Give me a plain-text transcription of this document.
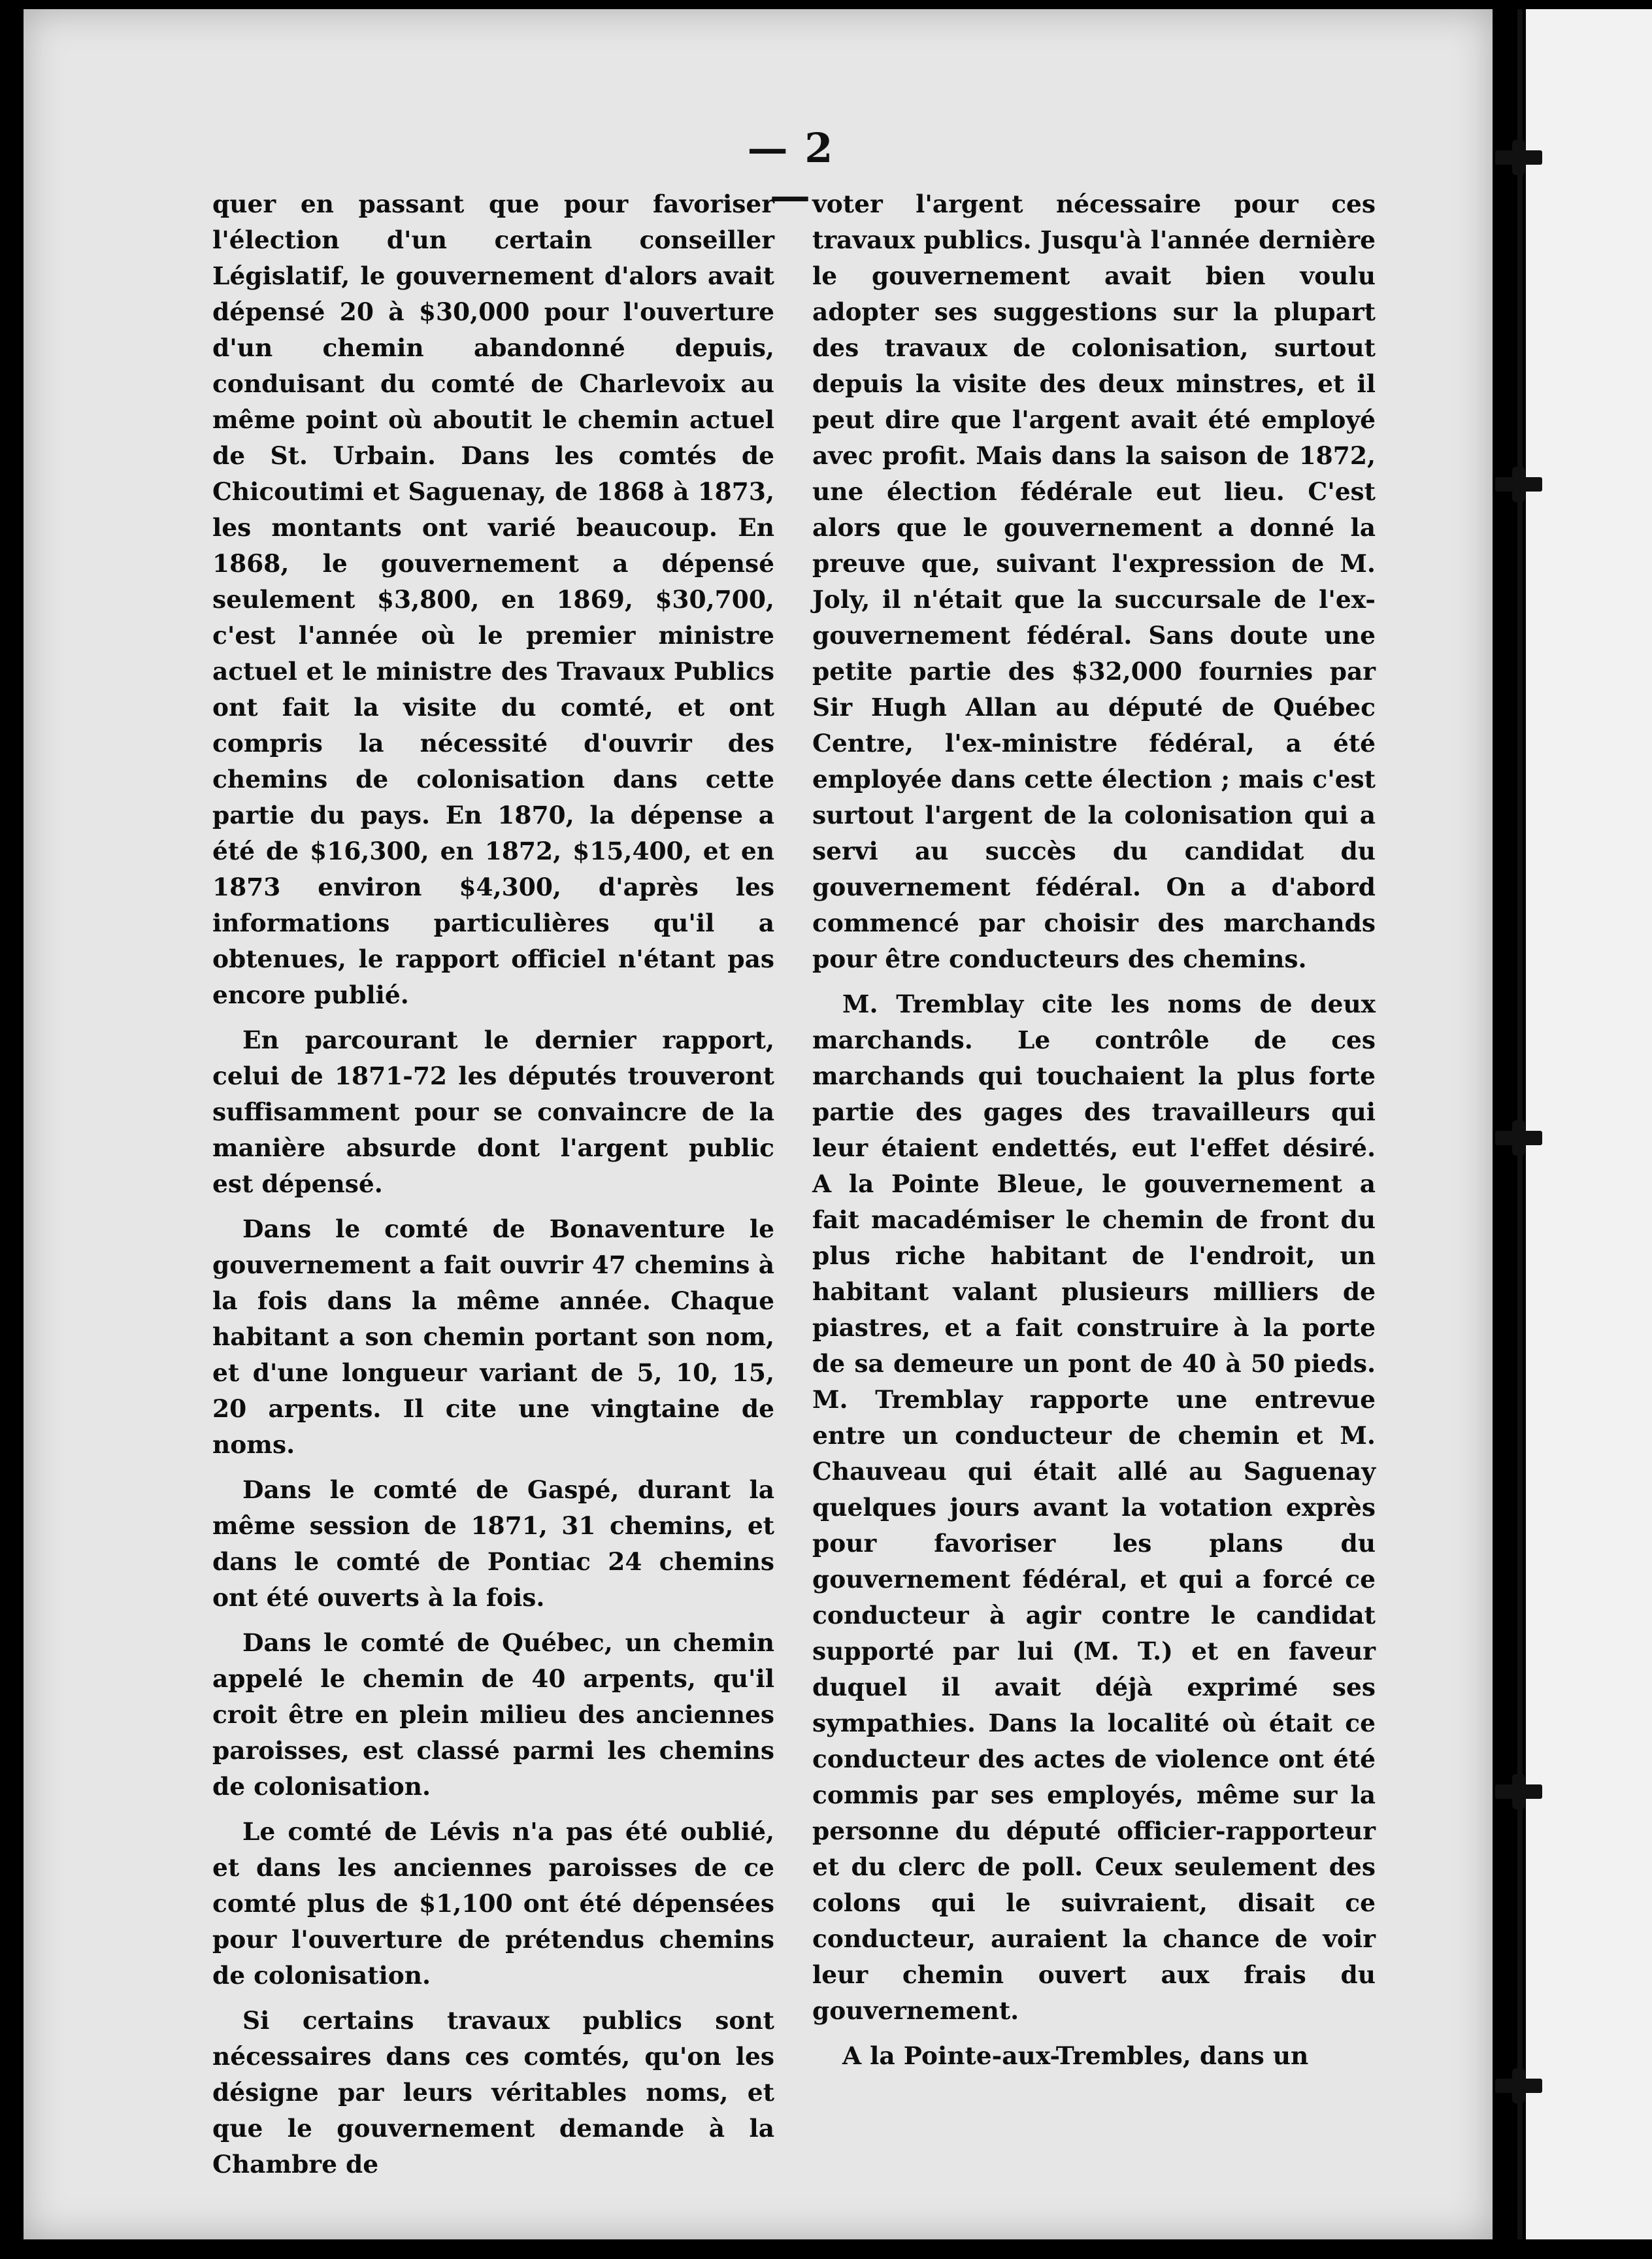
— 2 —

quer en passant que pour favoriser l'élection d'un certain conseiller Législatif, le gouvernement d'alors avait dépensé 20 à $30,000 pour l'ouverture d'un chemin abandonné depuis, conduisant du comté de Charlevoix au même point où aboutit le chemin actuel de St. Urbain. Dans les comtés de Chicoutimi et Saguenay, de 1868 à 1873, les montants ont varié beaucoup. En 1868, le gouvernement a dépensé seulement $3,800, en 1869, $30,700, c'est l'année où le premier ministre actuel et le ministre des Travaux Publics ont fait la visite du comté, et ont compris la nécessité d'ouvrir des chemins de colonisation dans cette partie du pays. En 1870, la dépense a été de $16,300, en 1872, $15,400, et en 1873 environ $4,300, d'après les informations particulières qu'il a obtenues, le rapport officiel n'étant pas encore publié.

En parcourant le dernier rapport, celui de 1871-72 les députés trouveront suffisamment pour se convaincre de la manière absurde dont l'argent public est dépensé.

Dans le comté de Bonaventure le gouvernement a fait ouvrir 47 chemins à la fois dans la même année. Chaque habitant a son chemin portant son nom, et d'une longueur variant de 5, 10, 15, 20 arpents. Il cite une vingtaine de noms.

Dans le comté de Gaspé, durant la même session de 1871, 31 chemins, et dans le comté de Pontiac 24 chemins ont été ouverts à la fois.

Dans le comté de Québec, un chemin appelé le chemin de 40 arpents, qu'il croit être en plein milieu des anciennes paroisses, est classé parmi les chemins de colonisation.

Le comté de Lévis n'a pas été oublié, et dans les anciennes paroisses de ce comté plus de $1,100 ont été dépensées pour l'ouverture de prétendus chemins de colonisation.

Si certains travaux publics sont nécessaires dans ces comtés, qu'on les désigne par leurs véritables noms, et que le gouvernement demande à la Chambre de

voter l'argent nécessaire pour ces travaux publics. Jusqu'à l'année dernière le gouvernement avait bien voulu adopter ses suggestions sur la plupart des travaux de colonisation, surtout depuis la visite des deux minstres, et il peut dire que l'argent avait été employé avec profit. Mais dans la saison de 1872, une élection fédérale eut lieu. C'est alors que le gouvernement a donné la preuve que, suivant l'expression de M. Joly, il n'était que la succursale de l'ex-gouvernement fédéral. Sans doute une petite partie des $32,000 fournies par Sir Hugh Allan au député de Québec Centre, l'ex-ministre fédéral, a été employée dans cette élection ; mais c'est surtout l'argent de la colonisation qui a servi au succès du candidat du gouvernement fédéral. On a d'abord commencé par choisir des marchands pour être conducteurs des chemins.

M. Tremblay cite les noms de deux marchands. Le contrôle de ces marchands qui touchaient la plus forte partie des gages des travailleurs qui leur étaient endettés, eut l'effet désiré. A la Pointe Bleue, le gouvernement a fait macadémiser le chemin de front du plus riche habitant de l'endroit, un habitant valant plusieurs milliers de piastres, et a fait construire à la porte de sa demeure un pont de 40 à 50 pieds. M. Tremblay rapporte une entrevue entre un conducteur de chemin et M. Chauveau qui était allé au Saguenay quelques jours avant la votation exprès pour favoriser les plans du gouvernement fédéral, et qui a forcé ce conducteur à agir contre le candidat supporté par lui (M. T.) et en faveur duquel il avait déjà exprimé ses sympathies. Dans la localité où était ce conducteur des actes de violence ont été commis par ses employés, même sur la personne du député officier-rapporteur et du clerc de poll. Ceux seulement des colons qui le suivraient, disait ce conducteur, auraient la chance de voir leur chemin ouvert aux frais du gouvernement.

A la Pointe-aux-Trembles, dans un
